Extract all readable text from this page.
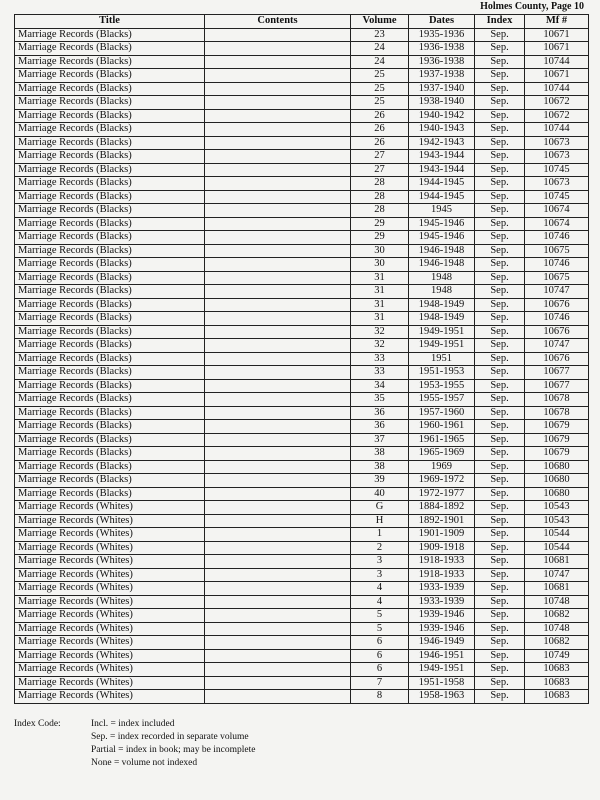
Holmes County, Page 10
Title	Contents	Volume	Dates	Index	Mf #
Marriage Records (Blacks)		23	1935-1936	Sep.	10671
Marriage Records (Blacks)		24	1936-1938	Sep.	10671
Marriage Records (Blacks)		24	1936-1938	Sep.	10744
Marriage Records (Blacks)		25	1937-1938	Sep.	10671
Marriage Records (Blacks)		25	1937-1940	Sep.	10744
Marriage Records (Blacks)		25	1938-1940	Sep.	10672
Marriage Records (Blacks)		26	1940-1942	Sep.	10672
Marriage Records (Blacks)		26	1940-1943	Sep.	10744
Marriage Records (Blacks)		26	1942-1943	Sep.	10673
Marriage Records (Blacks)		27	1943-1944	Sep.	10673
Marriage Records (Blacks)		27	1943-1944	Sep.	10745
Marriage Records (Blacks)		28	1944-1945	Sep.	10673
Marriage Records (Blacks)		28	1944-1945	Sep.	10745
Marriage Records (Blacks)		28	1945	Sep.	10674
Marriage Records (Blacks)		29	1945-1946	Sep.	10674
Marriage Records (Blacks)		29	1945-1946	Sep.	10746
Marriage Records (Blacks)		30	1946-1948	Sep.	10675
Marriage Records (Blacks)		30	1946-1948	Sep.	10746
Marriage Records (Blacks)		31	1948	Sep.	10675
Marriage Records (Blacks)		31	1948	Sep.	10747
Marriage Records (Blacks)		31	1948-1949	Sep.	10676
Marriage Records (Blacks)		31	1948-1949	Sep.	10746
Marriage Records (Blacks)		32	1949-1951	Sep.	10676
Marriage Records (Blacks)		32	1949-1951	Sep.	10747
Marriage Records (Blacks)		33	1951	Sep.	10676
Marriage Records (Blacks)		33	1951-1953	Sep.	10677
Marriage Records (Blacks)		34	1953-1955	Sep.	10677
Marriage Records (Blacks)		35	1955-1957	Sep.	10678
Marriage Records (Blacks)		36	1957-1960	Sep.	10678
Marriage Records (Blacks)		36	1960-1961	Sep.	10679
Marriage Records (Blacks)		37	1961-1965	Sep.	10679
Marriage Records (Blacks)		38	1965-1969	Sep.	10679
Marriage Records (Blacks)		38	1969	Sep.	10680
Marriage Records (Blacks)		39	1969-1972	Sep.	10680
Marriage Records (Blacks)		40	1972-1977	Sep.	10680
Marriage Records (Whites)		G	1884-1892	Sep.	10543
Marriage Records (Whites)		H	1892-1901	Sep.	10543
Marriage Records (Whites)		1	1901-1909	Sep.	10544
Marriage Records (Whites)		2	1909-1918	Sep.	10544
Marriage Records (Whites)		3	1918-1933	Sep.	10681
Marriage Records (Whites)		3	1918-1933	Sep.	10747
Marriage Records (Whites)		4	1933-1939	Sep.	10681
Marriage Records (Whites)		4	1933-1939	Sep.	10748
Marriage Records (Whites)		5	1939-1946	Sep.	10682
Marriage Records (Whites)		5	1939-1946	Sep.	10748
Marriage Records (Whites)		6	1946-1949	Sep.	10682
Marriage Records (Whites)		6	1946-1951	Sep.	10749
Marriage Records (Whites)		6	1949-1951	Sep.	10683
Marriage Records (Whites)		7	1951-1958	Sep.	10683
Marriage Records (Whites)		8	1958-1963	Sep.	10683
Index Code:	Incl. = index included
Sep. = index recorded in separate volume
Partial = index in book; may be incomplete
None = volume not indexed
